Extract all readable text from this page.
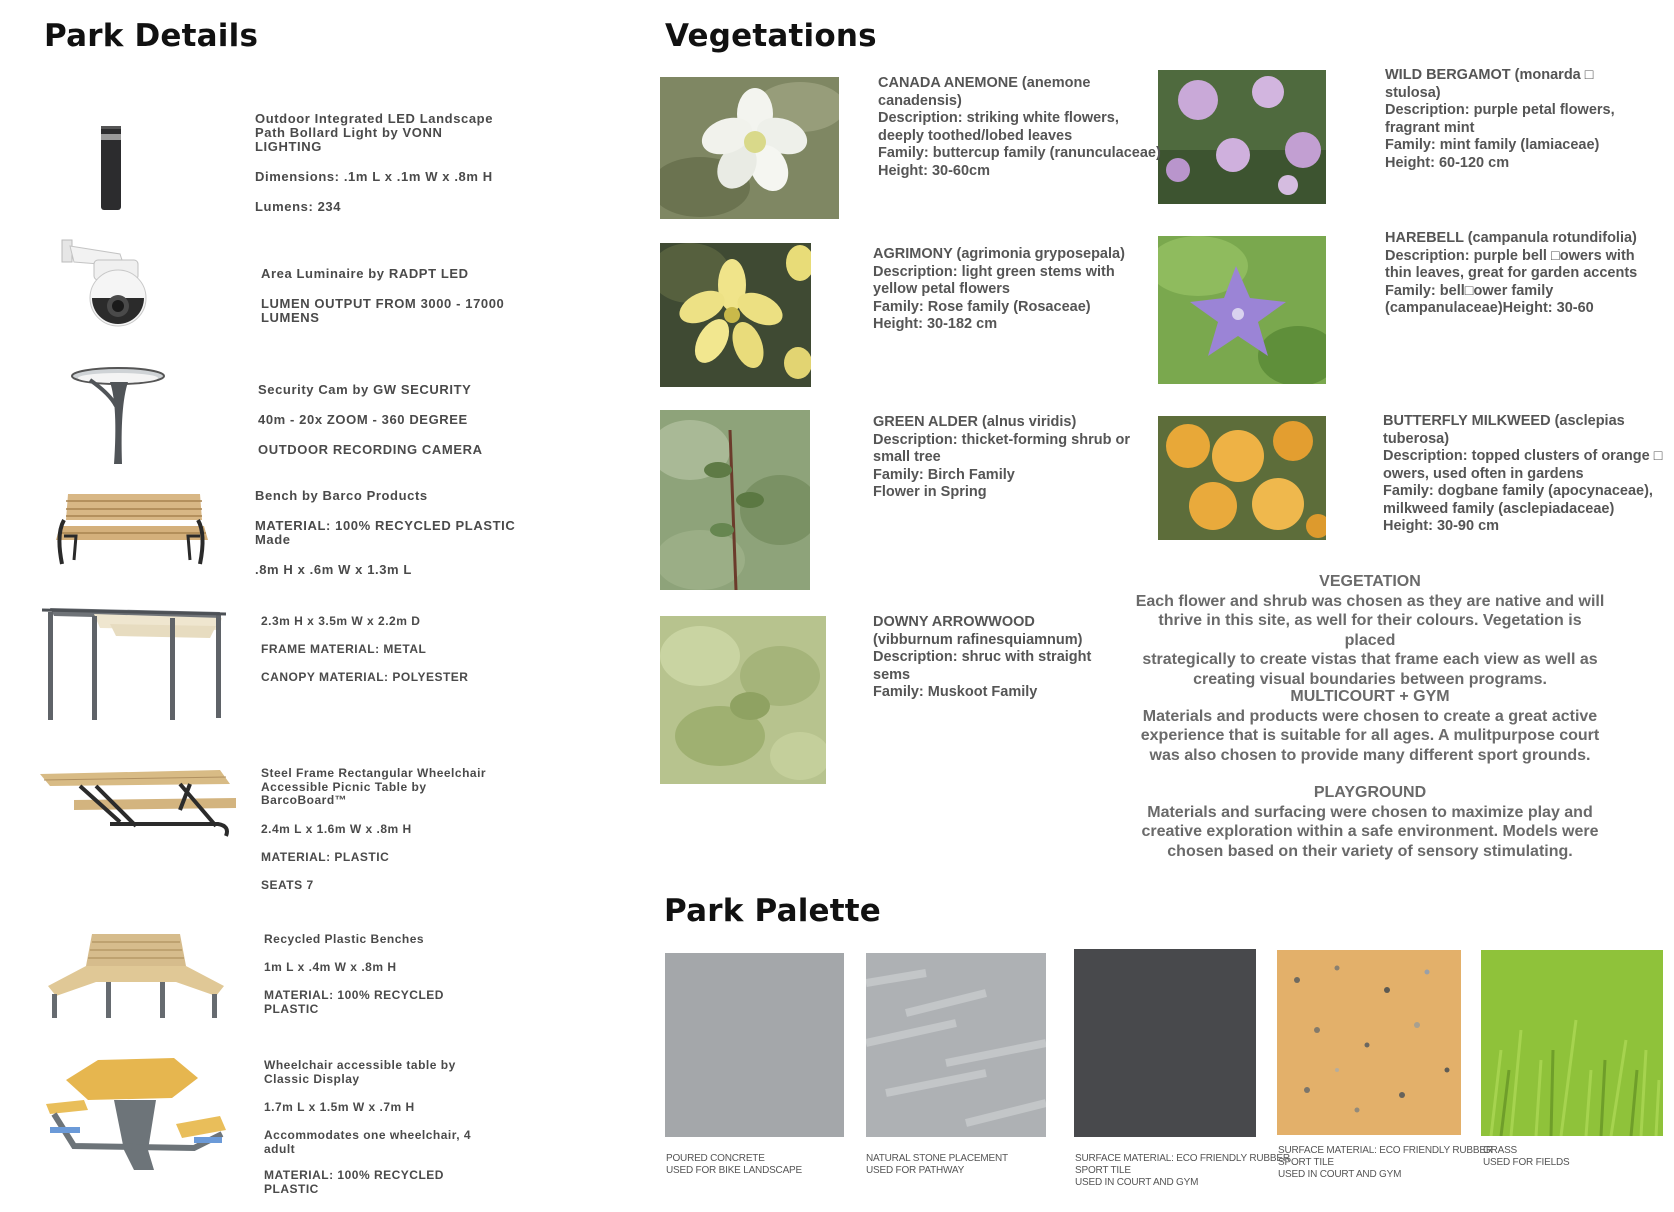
Park Details
Outdoor Integrated LED Landscape
Path Bollard Light by VONN
LIGHTING
Dimensions: .1m L x .1m W x .8m H
Lumens: 234
Area Luminaire by RADPT LED
LUMEN OUTPUT FROM 3000 - 17000
LUMENS
Security Cam by GW SECURITY
40m - 20x ZOOM - 360 DEGREE
OUTDOOR RECORDING CAMERA
Bench by Barco Products
MATERIAL: 100% RECYCLED PLASTIC
Made
.8m H x .6m W x 1.3m L
2.3m H x 3.5m W x 2.2m D
FRAME MATERIAL: METAL
CANOPY MATERIAL: POLYESTER
Steel Frame Rectangular Wheelchair
Accessible Picnic Table by
BarcoBoard™
2.4m L x 1.6m W x .8m H
MATERIAL: PLASTIC
SEATS 7
Recycled Plastic Benches
1m L x .4m W x .8m H
MATERIAL: 100% RECYCLED
PLASTIC
Wheelchair accessible table by
Classic Display
1.7m L x 1.5m W x .7m H
Accommodates one wheelchair, 4
adult
MATERIAL: 100% RECYCLED
PLASTIC
Vegetations
CANADA ANEMONE (anemone
canadensis)
Description: striking white flowers,
deeply toothed/lobed leaves
Family: buttercup family (ranunculaceae)
Height: 30-60cm
WILD BERGAMOT (monarda □
stulosa)
Description: purple petal flowers,
fragrant mint
Family: mint family (lamiaceae)
Height: 60-120 cm
AGRIMONY (agrimonia gryposepala)
Description: light green stems with
yellow petal flowers
Family: Rose family (Rosaceae)
Height: 30-182 cm
HAREBELL (campanula rotundifolia)
Description: purple bell □owers with
thin leaves, great for garden accents
Family: bell□ower family
(campanulaceae)Height: 30-60
GREEN ALDER (alnus viridis)
Description: thicket-forming shrub or
small tree
Family: Birch Family
Flower in Spring
BUTTERFLY MILKWEED (asclepias
tuberosa)
Description: topped clusters of orange □
owers, used often in gardens
Family: dogbane family (apocynaceae),
milkweed family (asclepiadaceae)
Height: 30-90 cm
DOWNY ARROWWOOD
(vibburnum rafinesquiamnum)
Description: shruc with straight
sems
Family: Muskoot Family
VEGETATION
Each flower and shrub was chosen as they are native and will
thrive in this site, as well for their colours. Vegetation is placed
strategically to create vistas that frame each view as well as
creating visual boundaries between programs.
MULTICOURT + GYM
Materials and products were chosen to create a great active
experience that is suitable for all ages. A mulitpurpose court
was also chosen to provide many different sport grounds.
PLAYGROUND
Materials and surfacing were chosen to maximize play and
creative exploration within a safe environment. Models were
chosen based on their variety of sensory stimulating.
Park Palette
POURED CONCRETE
USED FOR BIKE LANDSCAPE
NATURAL STONE PLACEMENT
USED FOR PATHWAY
SURFACE MATERIAL: ECO FRIENDLY RUBBER
SPORT TILE
USED IN COURT AND GYM
SURFACE MATERIAL: ECO FRIENDLY RUBBER
SPORT TILE
USED IN COURT AND GYM
GRASS
USED FOR FIELDS
